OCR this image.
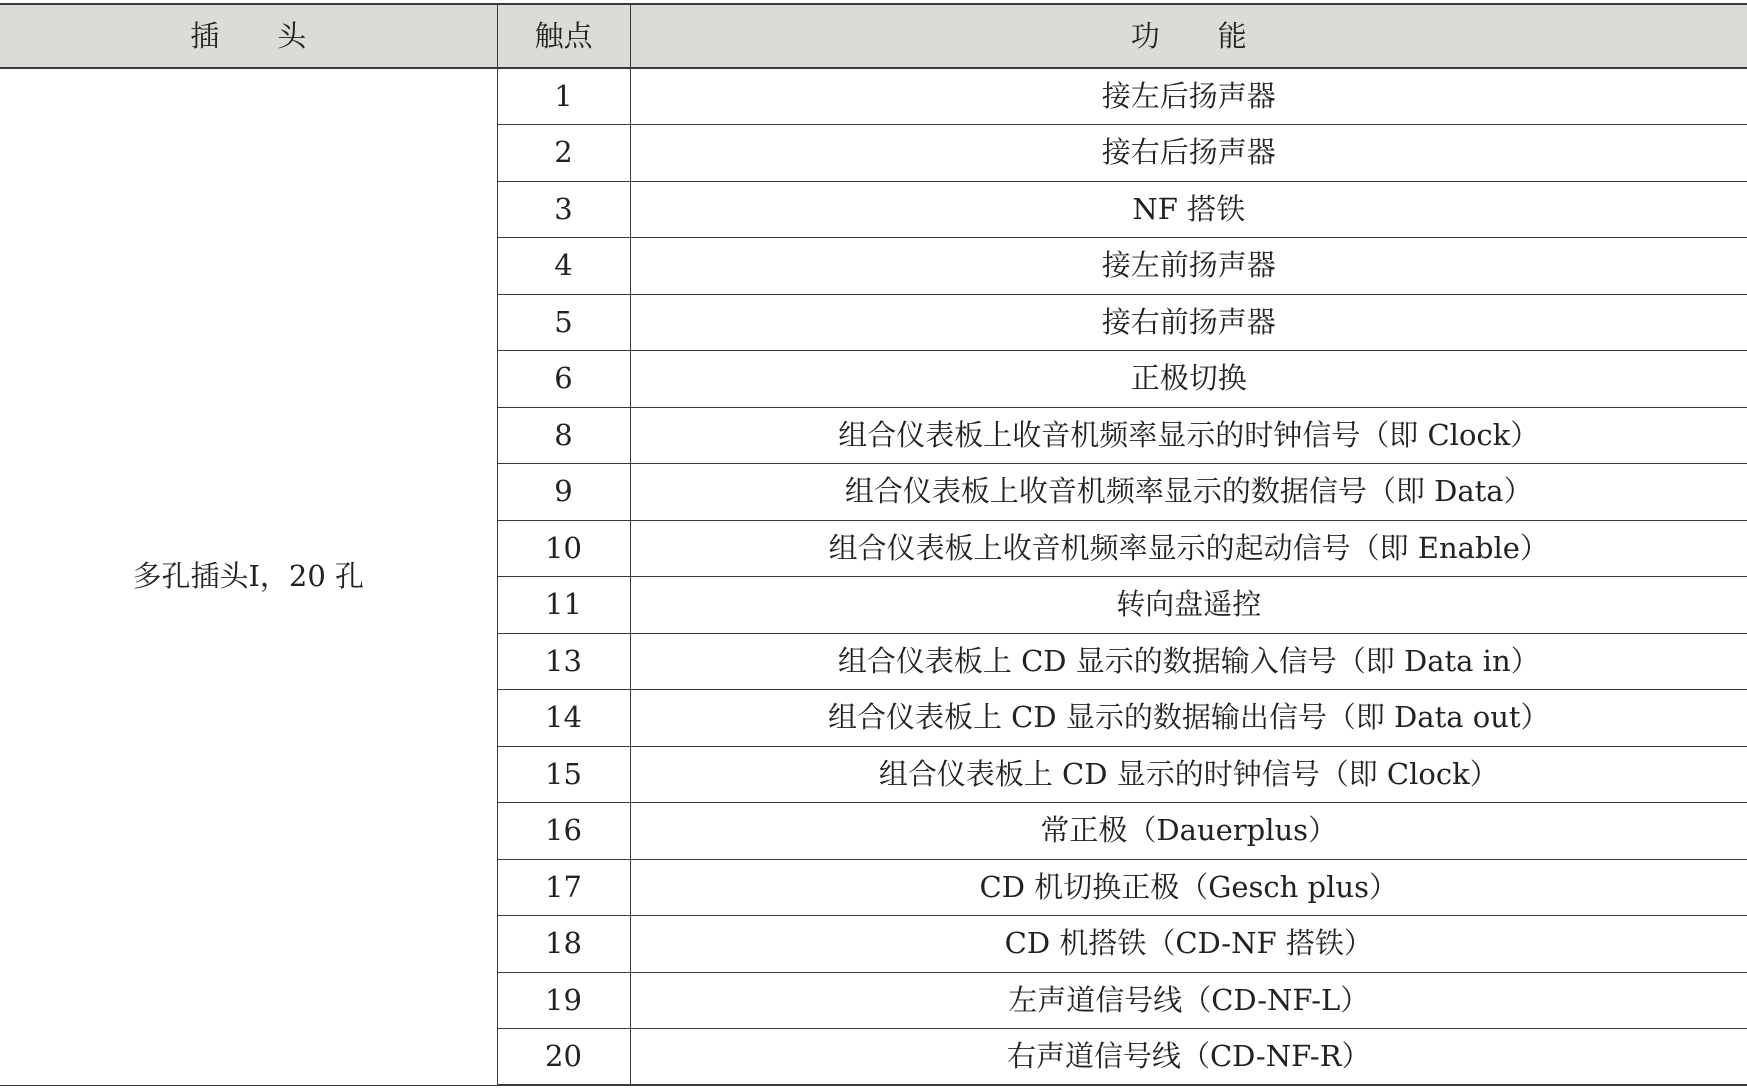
插　　头	触点	功　　能
多孔插头Ⅰ，20 孔	1	接左后扬声器
	2	接右后扬声器
	3	NF 搭铁
	4	接左前扬声器
	5	接右前扬声器
	6	正极切换
	8	组合仪表板上收音机频率显示的时钟信号（即 Clock）
	9	组合仪表板上收音机频率显示的数据信号（即 Data）
	10	组合仪表板上收音机频率显示的起动信号（即 Enable）
	11	转向盘遥控
	13	组合仪表板上 CD 显示的数据输入信号（即 Data in）
	14	组合仪表板上 CD 显示的数据输出信号（即 Data out）
	15	组合仪表板上 CD 显示的时钟信号（即 Clock）
	16	常正极（Dauerplus）
	17	CD 机切换正极（Gesch plus）
	18	CD 机搭铁（CD-NF 搭铁）
	19	左声道信号线（CD-NF-L）
	20	右声道信号线（CD-NF-R）
